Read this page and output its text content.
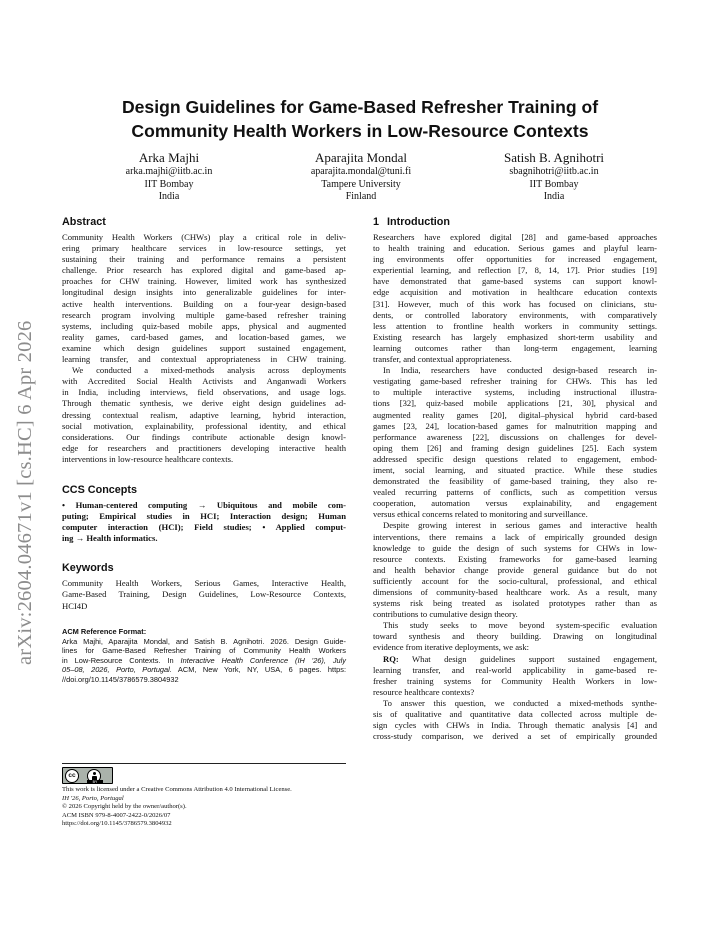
arXiv:2604.04671v1 [cs.HC] 6 Apr 2026
Design Guidelines for Game-Based Refresher Training of
Community Health Workers in Low-Resource Contexts
Arka Majhi
arka.majhi@iitb.ac.in
IIT Bombay
India
Aparajita Mondal
aparajita.mondal@tuni.fi
Tampere University
Finland
Satish B. Agnihotri
sbagnihotri@iitb.ac.in
IIT Bombay
India
Abstract
Community Health Workers (CHWs) play a critical role in deliv-
ering primary healthcare services in low-resource settings, yet
sustaining their training and performance remains a persistent
challenge. Prior research has explored digital and game-based ap-
proaches for CHW training. However, limited work has synthesized
longitudinal design insights into generalizable guidelines for inter-
active health interventions. Building on a four-year design-based
research program involving multiple game-based refresher training
systems, including quiz-based mobile apps, physical and augmented
reality games, card-based games, and location-based games, we
examine which design guidelines support sustained engagement,
learning transfer, and contextual appropriateness in CHW training.
We conducted a mixed-methods analysis across deployments
with Accredited Social Health Activists and Anganwadi Workers
in India, including interviews, field observations, and usage logs.
Through thematic synthesis, we derive eight design guidelines ad-
dressing contextual realism, adaptive learning, hybrid interaction,
social motivation, explainability, professional identity, and ethical
considerations. Our findings contribute actionable design knowl-
edge for researchers and practitioners developing interactive health
interventions in low-resource healthcare contexts.
CCS Concepts
• Human-centered computing → Ubiquitous and mobile com-
puting; Empirical studies in HCI; Interaction design; Human
computer interaction (HCI); Field studies; • Applied comput-
ing → Health informatics.
Keywords
Community Health Workers, Serious Games, Interactive Health,
Game-Based Training, Design Guidelines, Low-Resource Contexts,
HCI4D
ACM Reference Format:
Arka Majhi, Aparajita Mondal, and Satish B. Agnihotri. 2026. Design Guide-
lines for Game-Based Refresher Training of Community Health Workers
in Low-Resource Contexts. In Interactive Health Conference (IH '26), July
05–08, 2026, Porto, Portugal. ACM, New York, NY, USA, 6 pages. https:
//doi.org/10.1145/3786579.3804932
cc
BY
This work is licensed under a Creative Commons Attribution 4.0 International License.
IH '26, Porto, Portugal
© 2026 Copyright held by the owner/author(s).
ACM ISBN 979-8-4007-2422-0/2026/07
https://doi.org/10.1145/3786579.3804932
1 Introduction
Researchers have explored digital [28] and game-based approaches
to health training and education. Serious games and playful learn-
ing environments offer opportunities for increased engagement,
experiential learning, and reflection [7, 8, 14, 17]. Prior studies [19]
have demonstrated that game-based systems can support knowl-
edge acquisition and motivation in healthcare education contexts
[31]. However, much of this work has focused on clinicians, stu-
dents, or controlled laboratory environments, with comparatively
less attention to frontline health workers in community settings.
Existing research has largely emphasized short-term usability and
learning outcomes rather than long-term engagement, learning
transfer, and contextual appropriateness.
In India, researchers have conducted design-based research in-
vestigating game-based refresher training for CHWs. This has led
to multiple interactive systems, including instructional illustra-
tions [32], quiz-based mobile applications [21, 30], physical and
augmented reality games [20], digital–physical hybrid card-based
games [23, 24], location-based games for malnutrition mapping and
performance awareness [22], discussions on challenges for devel-
oping them [26] and framing design guidelines [25]. Each system
addressed specific design questions related to engagement, embod-
iment, social learning, and situated practice. While these studies
demonstrated the feasibility of game-based training, they also re-
vealed recurring patterns of conflicts, such as competition versus
cooperation, automation versus explainability, and engagement
versus ethical concerns related to monitoring and surveillance.
Despite growing interest in serious games and interactive health
interventions, there remains a lack of empirically grounded design
knowledge to guide the design of such systems for CHWs in low-
resource contexts. Existing frameworks for game-based learning
and health behavior change provide general guidance but do not
sufficiently account for the socio-cultural, professional, and ethical
dimensions of community-based healthcare work. As a result, many
systems risk being treated as isolated prototypes rather than as
contributions to cumulative design theory.
This study seeks to move beyond system-specific evaluation
toward synthesis and theory building. Drawing on longitudinal
evidence from iterative deployments, we ask:
RQ: What design guidelines support sustained engagement,
learning transfer, and real-world applicability in game-based re-
fresher training systems for Community Health Workers in low-
resource healthcare contexts?
To answer this question, we conducted a mixed-methods synthe-
sis of qualitative and quantitative data collected across multiple de-
sign cycles with CHWs in India. Through thematic analysis [4] and
cross-study comparison, we derived a set of empirically grounded
